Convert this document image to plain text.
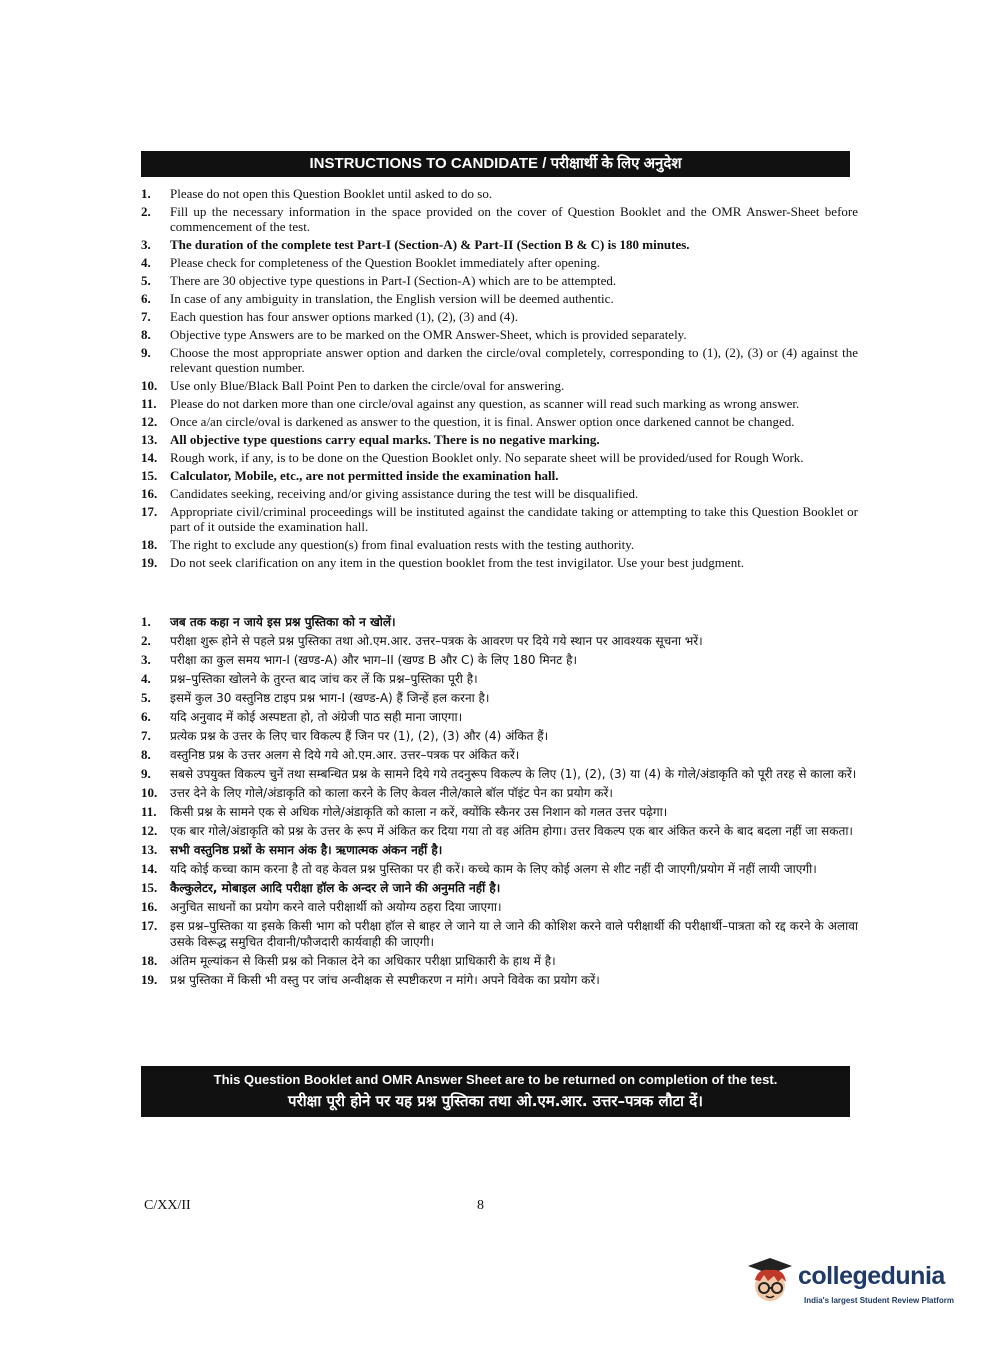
INSTRUCTIONS TO CANDIDATE / परीक्षार्थी के लिए अनुदेश
1.	Please do not open this Question Booklet until asked to do so.
2.	Fill up the necessary information in the space provided on the cover of Question Booklet and the OMR Answer-Sheet before commencement of the test.
3.	The duration of the complete test Part-I (Section-A) & Part-II (Section B & C) is 180 minutes.
4.	Please check for completeness of the Question Booklet immediately after opening.
5.	There are 30 objective type questions in Part-I (Section-A) which are to be attempted.
6.	In case of any ambiguity in translation, the English version will be deemed authentic.
7.	Each question has four answer options marked (1), (2), (3) and (4).
8.	Objective type Answers are to be marked on the OMR Answer-Sheet, which is provided separately.
9.	Choose the most appropriate answer option and darken the circle/oval completely, corresponding to (1), (2), (3) or (4) against the relevant question number.
10. Use only Blue/Black Ball Point Pen to darken the circle/oval for answering.
11.	Please do not darken more than one circle/oval against any question, as scanner will read such marking as wrong answer.
12. Once a/an circle/oval is darkened as answer to the question, it is final. Answer option once darkened cannot be changed.
13. All objective type questions carry equal marks. There is no negative marking.
14. Rough work, if any, is to be done on the Question Booklet only. No separate sheet will be provided/used for Rough Work.
15. Calculator, Mobile, etc., are not permitted inside the examination hall.
16. Candidates seeking, receiving and/or giving assistance during the test will be disqualified.
17. Appropriate civil/criminal proceedings will be instituted against the candidate taking or attempting to take this Question Booklet or part of it outside the examination hall.
18. The right to exclude any question(s) from final evaluation rests with the testing authority.
19. Do not seek clarification on any item in the question booklet from the test invigilator. Use your best judgment.
1.	जब तक कहा न जाये इस प्रश्न पुस्तिका को न खोलें।
2.	परीक्षा शुरू होने से पहले प्रश्न पुस्तिका तथा ओ.एम.आर. उत्तर–पत्रक के आवरण पर दिये गये स्थान पर आवश्यक सूचना भरें।
3.	परीक्षा का कुल समय भाग-I (खण्ड-A) और भाग–II (खण्ड B और C) के लिए 180 मिनट है।
4.	प्रश्न–पुस्तिका खोलने के तुरन्त बाद जांच कर लें कि प्रश्न–पुस्तिका पूरी है।
5.	इसमें कुल 30 वस्तुनिष्ठ टाइप प्रश्न भाग-I (खण्ड-A) हैं जिन्हें हल करना है।
6.	यदि अनुवाद में कोई अस्पष्टता हो, तो अंग्रेजी पाठ सही माना जाएगा।
7.	प्रत्येक प्रश्न के उत्तर के लिए चार विकल्प हैं जिन पर (1), (2), (3) और (4) अंकित हैं।
8.	वस्तुनिष्ठ प्रश्न के उत्तर अलग से दिये गये ओ.एम.आर. उत्तर–पत्रक पर अंकित करें।
9.	सबसे उपयुक्त विकल्प चुनें तथा सम्बन्धित प्रश्न के सामने दिये गये तदनुरूप विकल्प के लिए (1), (2), (3) या (4) के गोले/अंडाकृति को पूरी तरह से काला करें।
10.	उत्तर देने के लिए गोले/अंडाकृति को काला करने के लिए केवल नीले/काले बॉल पॉइंट पेन का प्रयोग करें।
11.	किसी प्रश्न के सामने एक से अधिक गोले/अंडाकृति को काला न करें, क्योंकि स्कैनर उस निशान को गलत उत्तर पढ़ेगा।
12.	एक बार गोले/अंडाकृति को प्रश्न के उत्तर के रूप में अंकित कर दिया गया तो वह अंतिम होगा। उत्तर विकल्प एक बार अंकित करने के बाद बदला नहीं जा सकता।
13.	सभी वस्तुनिष्ठ प्रश्नों के समान अंक है। ऋणात्मक अंकन नहीं है।
14.	यदि कोई कच्चा काम करना है तो वह केवल प्रश्न पुस्तिका पर ही करें। कच्चे काम के लिए कोई अलग से शीट नहीं दी जाएगी/प्रयोग में नहीं लायी जाएगी।
15.	कैल्कुलेटर, मोबाइल आदि परीक्षा हॉल के अन्दर ले जाने की अनुमति नहीं है।
16.	अनुचित साधनों का प्रयोग करने वाले परीक्षार्थी को अयोग्य ठहरा दिया जाएगा।
17.	इस प्रश्न–पुस्तिका या इसके किसी भाग को परीक्षा हॉल से बाहर ले जाने या ले जाने की कोशिश करने वाले परीक्षार्थी की परीक्षार्थी–पात्रता को रद्द करने के अलावा उसके विरूद्ध समुचित दीवानी/फौजदारी कार्यवाही की जाएगी।
18.	अंतिम मूल्यांकन से किसी प्रश्न को निकाल देने का अधिकार परीक्षा प्राधिकारी के हाथ में है।
19.	प्रश्न पुस्तिका में किसी भी वस्तु पर जांच अन्वीक्षक से स्पष्टीकरण न मांगे। अपने विवेक का प्रयोग करें।
This Question Booklet and OMR Answer Sheet are to be returned on completion of the test.
परीक्षा पूरी होने पर यह प्रश्न पुस्तिका तथा ओ.एम.आर. उत्तर–पत्रक लौटा दें।
C/XX/II	8
collegedunia
India's largest Student Review Platform
